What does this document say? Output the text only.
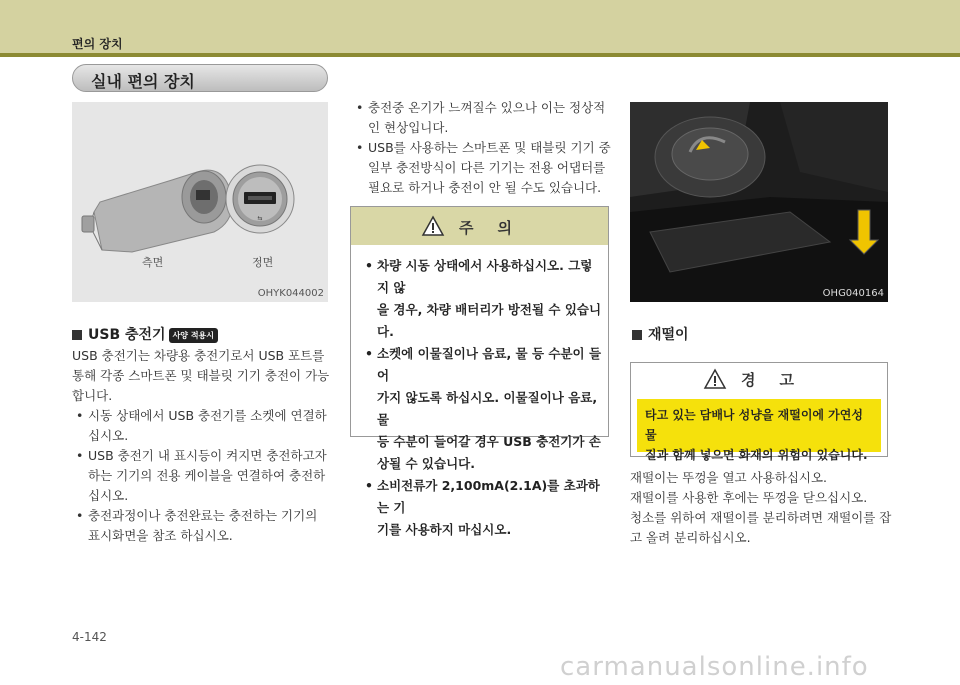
편의 장치
실내 편의 장치
⇆
측면	정면
OHYK044002
USB 충전기 사양 적용시
USB 충전기는 차량용 충전기로서 USB 포트를
통해 각종 스마트폰 및 태블릿 기기 충전이 가능
합니다.
• 시동 상태에서 USB 충전기를 소켓에 연결하
십시오.
• USB 충전기 내 표시등이 켜지면 충전하고자
하는 기기의 전용 케이블을 연결하여 충전하
십시오.
• 충전과정이나 충전완료는 충전하는 기기의
표시화면을 참조 하십시오.
• 충전중 온기가 느껴질수 있으나 이는 정상적
인 현상입니다.
• USB를 사용하는 스마트폰 및 태블릿 기기 중
일부 충전방식이 다른 기기는 전용 어댑터를
필요로 하거나 충전이 안 될 수도 있습니다.
주의
• 차량 시동 상태에서 사용하십시오. 그렇지 않
을 경우, 차량 배터리가 방전될 수 있습니다.
• 소켓에 이물질이나 음료, 물 등 수분이 들어
가지 않도록 하십시오. 이물질이나 음료, 물
등 수분이 들어갈 경우 USB 충전기가 손
상될 수 있습니다.
• 소비전류가 2,100mA(2.1A)를 초과하는 기
기를 사용하지 마십시오.
OHG040164
재떨이
경고
타고 있는 담배나 성냥을 재떨이에 가연성 물
질과 함께 넣으면 화재의 위험이 있습니다.
재떨이는 뚜껑을 열고 사용하십시오.
재떨이를 사용한 후에는 뚜껑을 닫으십시오.
청소를 위하여 재떨이를 분리하려면 재떨이를 잡
고 올려 분리하십시오.
4-142
carmanualsonline.info
